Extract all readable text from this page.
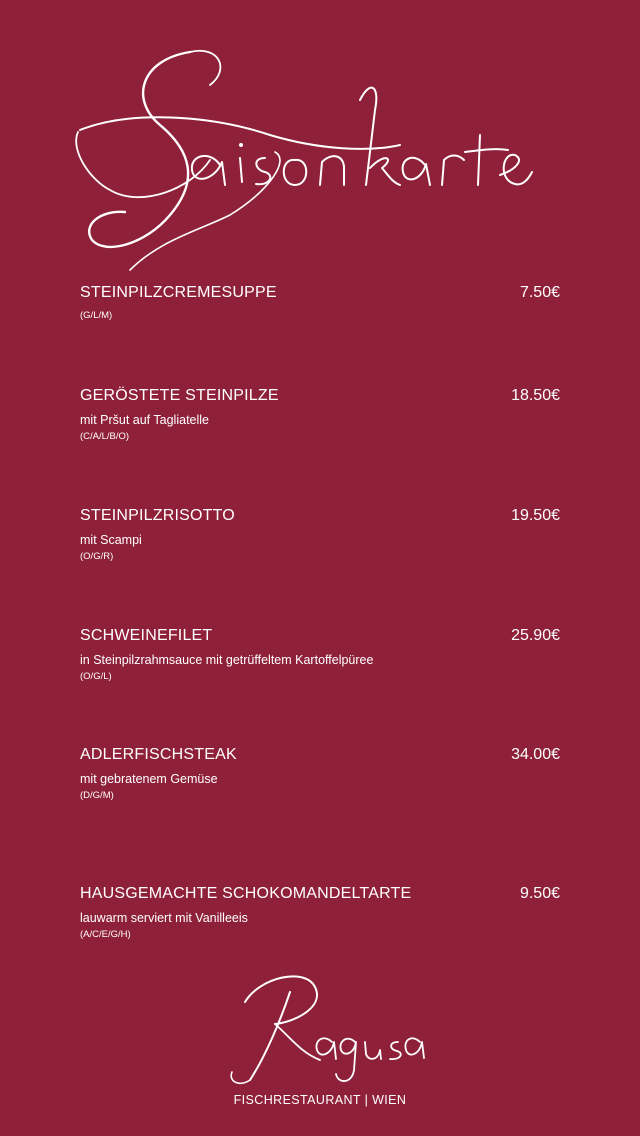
STEINPILZCREMESUPPE	7.50€
(G/L/M)
GERÖSTETE STEINPILZE	18.50€
mit Pršut auf Tagliatelle
(C/A/L/B/O)
STEINPILZRISOTTO	19.50€
mit Scampi
(O/G/R)
SCHWEINEFILET	25.90€
in Steinpilzrahmsauce mit getrüffeltem Kartoffelpüree
(O/G/L)
ADLERFISCHSTEAK	34.00€
mit gebratenem Gemüse
(D/G/M)
HAUSGEMACHTE SCHOKOMANDELTARTE	9.50€
lauwarm serviert mit Vanilleeis
(A/C/E/G/H)
FISCHRESTAURANT | WIEN
